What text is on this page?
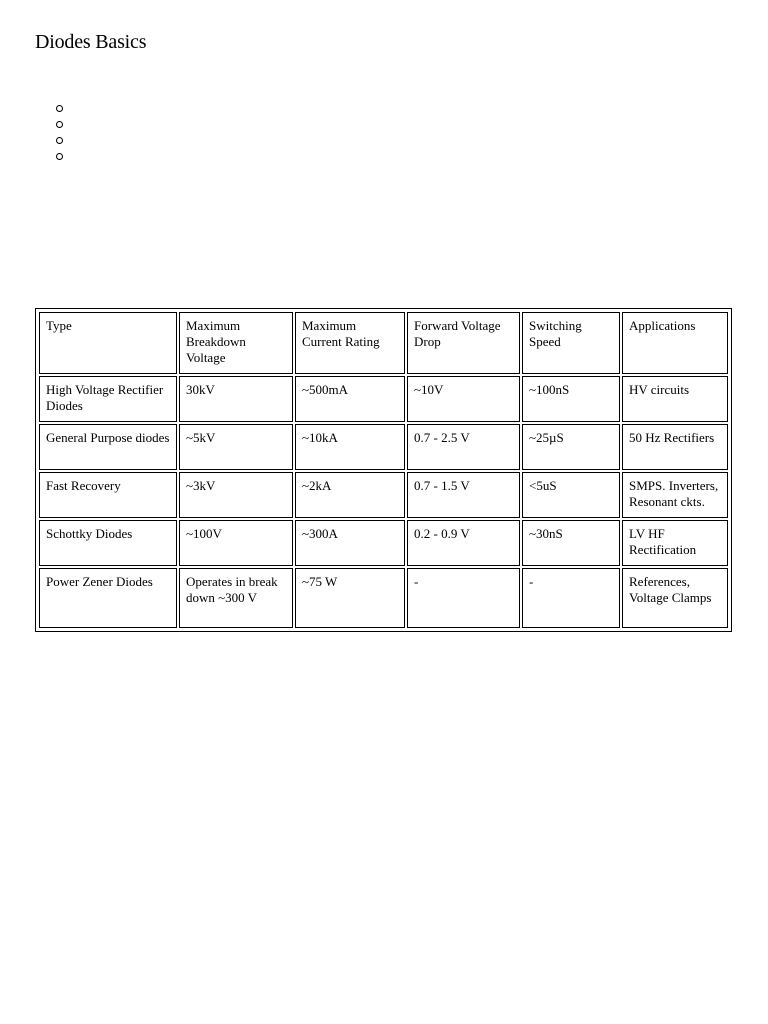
Diodes Basics
Type	Maximum Breakdown Voltage	Maximum Current Rating	Forward Voltage Drop	Switching Speed	Applications
High Voltage Rectifier Diodes	30kV	~500mA	~10V	~100nS	HV circuits
General Purpose diodes	~5kV	~10kA	0.7 - 2.5 V	~25µS	50 Hz Rectifiers
Fast Recovery	~3kV	~2kA	0.7 - 1.5 V	<5uS	SMPS. Inverters, Resonant ckts.
Schottky Diodes	~100V	~300A	0.2 - 0.9 V	~30nS	LV HF Rectification
Power Zener Diodes	Operates in break down ~300 V	~75 W	-	-	References, Voltage Clamps
